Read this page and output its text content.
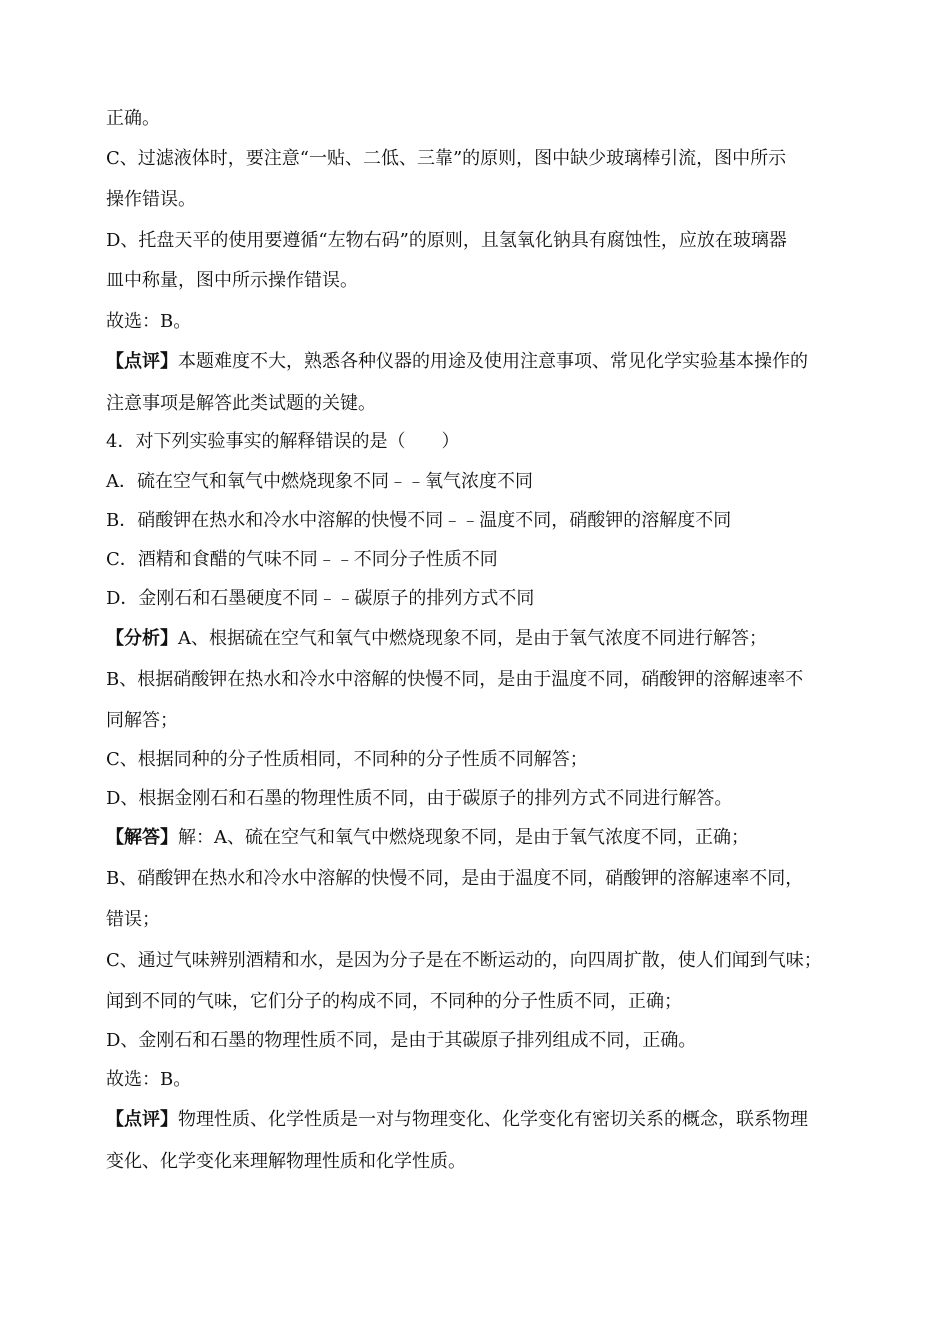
正确。
C、过滤液体时，要注意“一贴、二低、三靠”的原则，图中缺少玻璃棒引流，图中所示
操作错误。
D、托盘天平的使用要遵循“左物右码”的原则，且氢氧化钠具有腐蚀性，应放在玻璃器
皿中称量，图中所示操作错误。
故选：B。
【点评】本题难度不大，熟悉各种仪器的用途及使用注意事项、常见化学实验基本操作的
注意事项是解答此类试题的关键。
4．对下列实验事实的解释错误的是（　　）
A．硫在空气和氧气中燃烧现象不同﹣﹣氧气浓度不同
B．硝酸钾在热水和冷水中溶解的快慢不同﹣﹣温度不同，硝酸钾的溶解度不同
C．酒精和食醋的气味不同﹣﹣不同分子性质不同
D．金刚石和石墨硬度不同﹣﹣碳原子的排列方式不同
【分析】A、根据硫在空气和氧气中燃烧现象不同，是由于氧气浓度不同进行解答；
B、根据硝酸钾在热水和冷水中溶解的快慢不同，是由于温度不同，硝酸钾的溶解速率不
同解答；
C、根据同种的分子性质相同，不同种的分子性质不同解答；
D、根据金刚石和石墨的物理性质不同，由于碳原子的排列方式不同进行解答。
【解答】解：A、硫在空气和氧气中燃烧现象不同，是由于氧气浓度不同，正确；
B、硝酸钾在热水和冷水中溶解的快慢不同，是由于温度不同，硝酸钾的溶解速率不同，
错误；
C、通过气味辨别酒精和水，是因为分子是在不断运动的，向四周扩散，使人们闻到气味；
闻到不同的气味，它们分子的构成不同，不同种的分子性质不同，正确；
D、金刚石和石墨的物理性质不同，是由于其碳原子排列组成不同，正确。
故选：B。
【点评】物理性质、化学性质是一对与物理变化、化学变化有密切关系的概念，联系物理
变化、化学变化来理解物理性质和化学性质。
